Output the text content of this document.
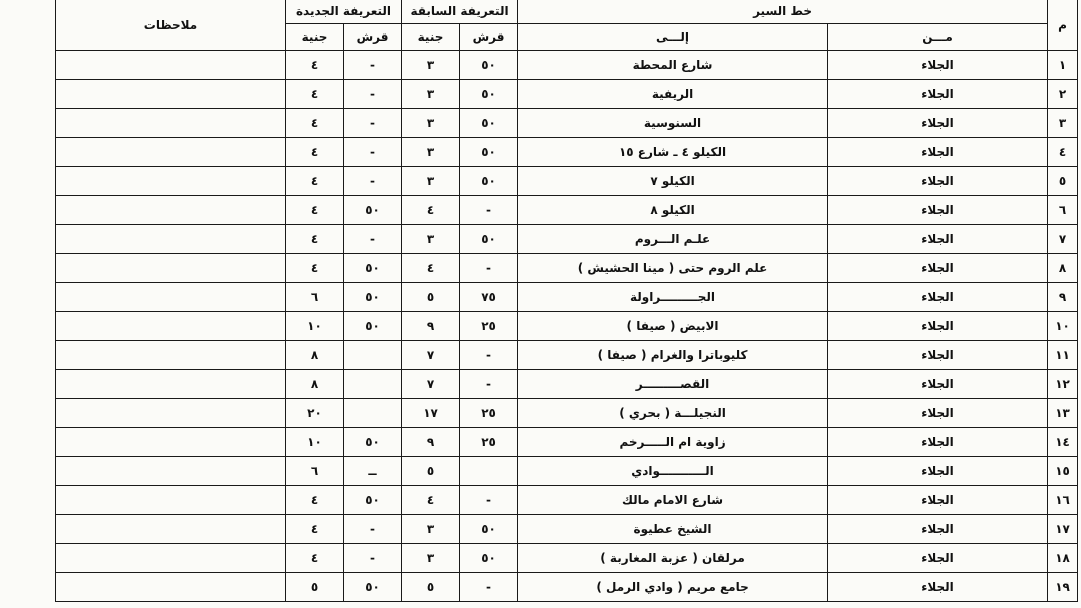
م	خط السير		التعريفة السابقة		التعريفة الجديدة		ملاحظات
	مـــن	إلـــى	قرش	جنية	قرش	جنية	
١	الجلاء	شارع المحطة	٥٠	٣	-	٤	
٢	الجلاء	الريفية	٥٠	٣	-	٤	
٣	الجلاء	السنوسية	٥٠	٣	-	٤	
٤	الجلاء	الكيلو ٤ ـ شارع ١٥	٥٠	٣	-	٤	
٥	الجلاء	الكيلو ٧	٥٠	٣	-	٤	
٦	الجلاء	الكيلو ٨	-	٤	٥٠	٤	
٧	الجلاء	علـم الـــروم	٥٠	٣	-	٤	
٨	الجلاء	علم الروم حتى ( مينا الحشيش )	-	٤	٥٠	٤	
٩	الجلاء	الجـــــــــراولة	٧٥	٥	٥٠	٦	
١٠	الجلاء	الابيض ( صيفا )	٢٥	٩	٥٠	١٠	
١١	الجلاء	كليوباترا والغرام ( صيفا )	-	٧		٨	
١٢	الجلاء	القصـــــــــر	-	٧		٨	
١٣	الجلاء	النجيلـــة ( بحري )	٢٥	١٧		٢٠	
١٤	الجلاء	زاوية ام الـــــرخم	٢٥	٩	٥٠	١٠	
١٥	الجلاء	الـــــــــــوادي		٥	ــ	٦	
١٦	الجلاء	شارع الامام مالك	-	٤	٥٠	٤	
١٧	الجلاء	الشيخ عطيوة	٥٠	٣	-	٤	
١٨	الجلاء	مرلقان ( عزبة المغاربة )	٥٠	٣	-	٤	
١٩	الجلاء	جامع مريم ( وادي الرمل )	-	٥	٥٠	٥	
